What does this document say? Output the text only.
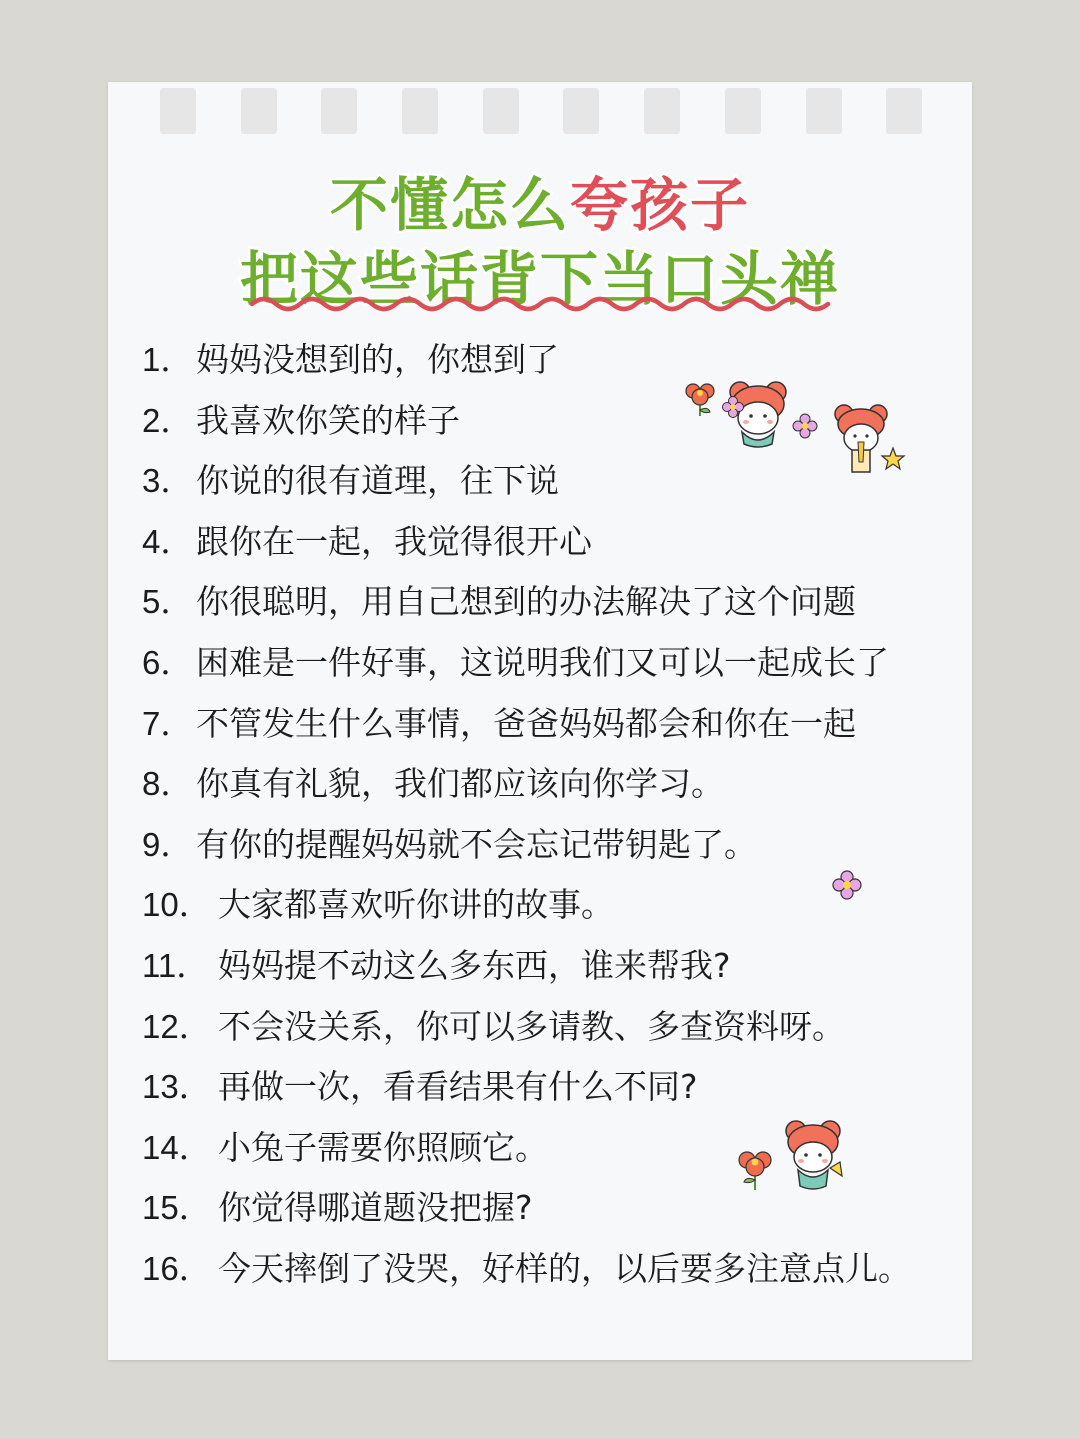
不懂怎么夸孩子
把这些话背下当口头禅
1．妈妈没想到的，你想到了
2．我喜欢你笑的样子
3．你说的很有道理，往下说
4．跟你在一起，我觉得很开心
5．你很聪明，用自己想到的办法解决了这个问题
6．困难是一件好事，这说明我们又可以一起成长了
7．不管发生什么事情，爸爸妈妈都会和你在一起
8．你真有礼貌，我们都应该向你学习。
9．有你的提醒妈妈就不会忘记带钥匙了。
10． 大家都喜欢听你讲的故事。
11． 妈妈提不动这么多东西，谁来帮我?
12． 不会没关系，你可以多请教、多查资料呀。
13． 再做一次，看看结果有什么不同?
14． 小兔子需要你照顾它。
15． 你觉得哪道题没把握?
16． 今天摔倒了没哭，好样的，以后要多注意点儿。
